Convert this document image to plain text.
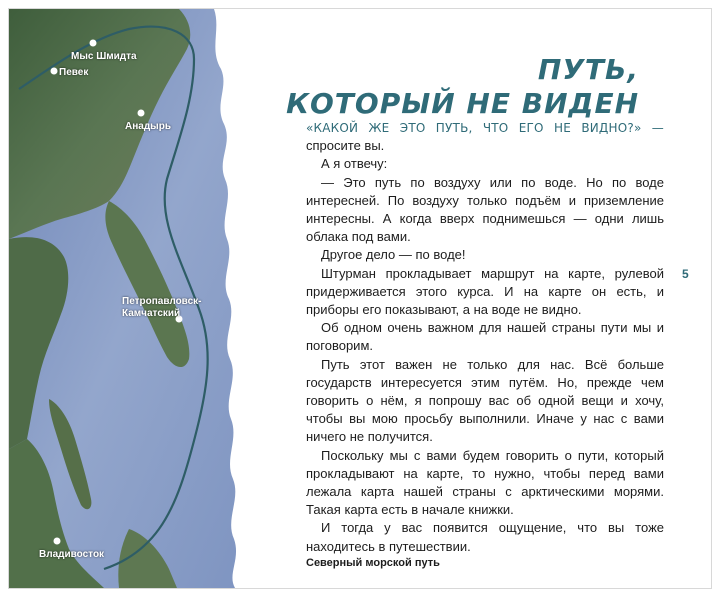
Мыс Шмидта
Певек
Анадырь
Петропавловск-
Камчатский
Владивосток
ПУТЬ,
КОТОРЫЙ НЕ ВИДЕН

«КАКОЙ ЖЕ ЭТО ПУТЬ, ЧТО ЕГО НЕ ВИДНО?» — спросите вы.

А я отвечу:

— Это путь по воздуху или по воде. Но по воде интересней. По воздуху только подъём и приземление интересны. А когда вверх поднимешься — одни лишь облака под вами.

Другое дело — по воде!

Штурман прокладывает маршрут на карте, рулевой придерживается этого курса. И на карте он есть, и приборы его показывают, а на воде не видно.

Об одном очень важном для нашей страны пути мы и поговорим.

Путь этот важен не только для нас. Всё больше государств интересуется этим путём. Но, прежде чем говорить о нём, я попрошу вас об одной вещи и хочу, чтобы вы мою просьбу выполнили. Иначе у нас с вами ничего не получится.

Поскольку мы с вами будем говорить о пути, который прокладывают на карте, то нужно, чтобы перед вами лежала карта нашей страны с арктическими морями. Такая карта есть в начале книжки.

И тогда у вас появится ощущение, что вы тоже находитесь в путешествии.

5
Северный морской путь
